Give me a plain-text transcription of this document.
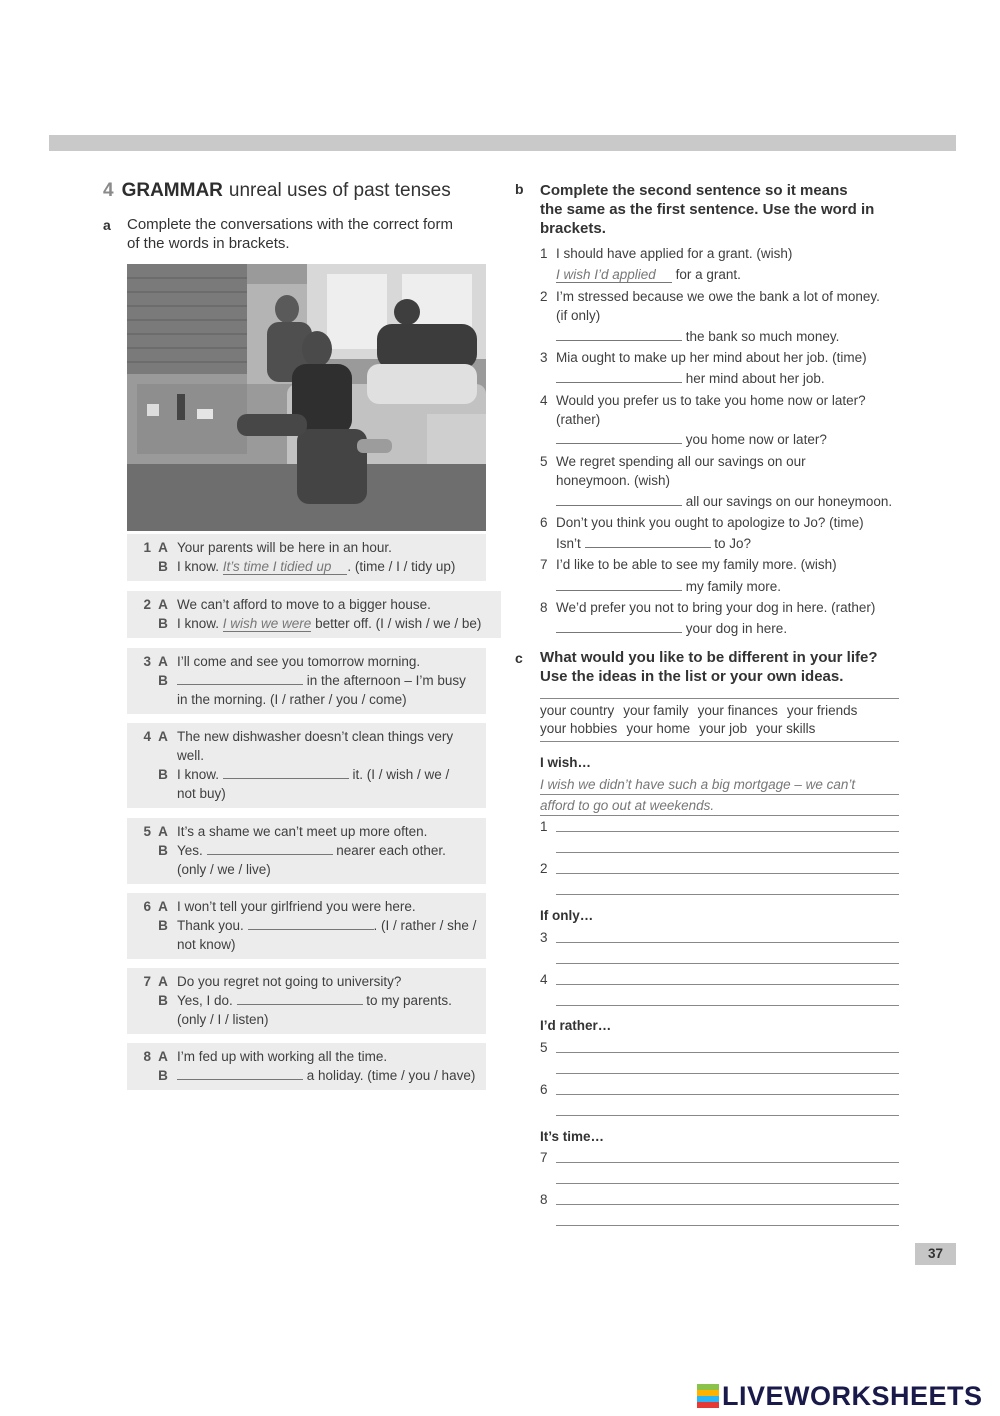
4 GRAMMAR unreal uses of past tenses
a Complete the conversations with the correct form
of the words in brackets.
1 A Your parents will be here in an hour.
B I know. It’s time I tidied up . (time / I / tidy up)
2 A We can’t afford to move to a bigger house.
B I know. I wish we were better off. (I / wish / we / be)
3 A I’ll come and see you tomorrow morning.
B	in the afternoon – I’m busy
in the morning. (I / rather / you / come)
4 A The new dishwasher doesn’t clean things very
well.
B I know.	it. (I / wish / we /
not buy)
5 A It’s a shame we can’t meet up more often.
B Yes.	nearer each other.
(only / we / live)
6 A I won’t tell your girlfriend you were here.
B Thank you.	. (I / rather / she /
not know)
7 A Do you regret not going to university?
B Yes, I do.	to my parents.
(only / I / listen)
8 A I’m fed up with working all the time.
B	a holiday. (time / you / have)
b Complete the second sentence so it means
the same as the first sentence. Use the word in
brackets.
1 I should have applied for a grant. (wish)
I wish I’d applied for a grant.
2 I’m stressed because we owe the bank a lot of money.
(if only)
the bank so much money.
3 Mia ought to make up her mind about her job. (time)
her mind about her job.
4 Would you prefer us to take you home now or later?
(rather)
you home now or later?
5 We regret spending all our savings on our
honeymoon. (wish)
all our savings on our honeymoon.
6 Don’t you think you ought to apologize to Jo? (time)
Isn’t	to Jo?
7 I’d like to be able to see my family more. (wish)
my family more.
8 We’d prefer you not to bring your dog in here. (rather)
your dog in here.
c What would you like to be different in your life?
Use the ideas in the list or your own ideas.
your country your family your finances your friends
your hobbies your home your job your skills
I wish…
I wish we didn’t have such a big mortgage – we can’t
afford to go out at weekends.
1
2
If only…
3
4
I’d rather…
5
6
It’s time…
7
8
37
LIVEWORKSHEETS
